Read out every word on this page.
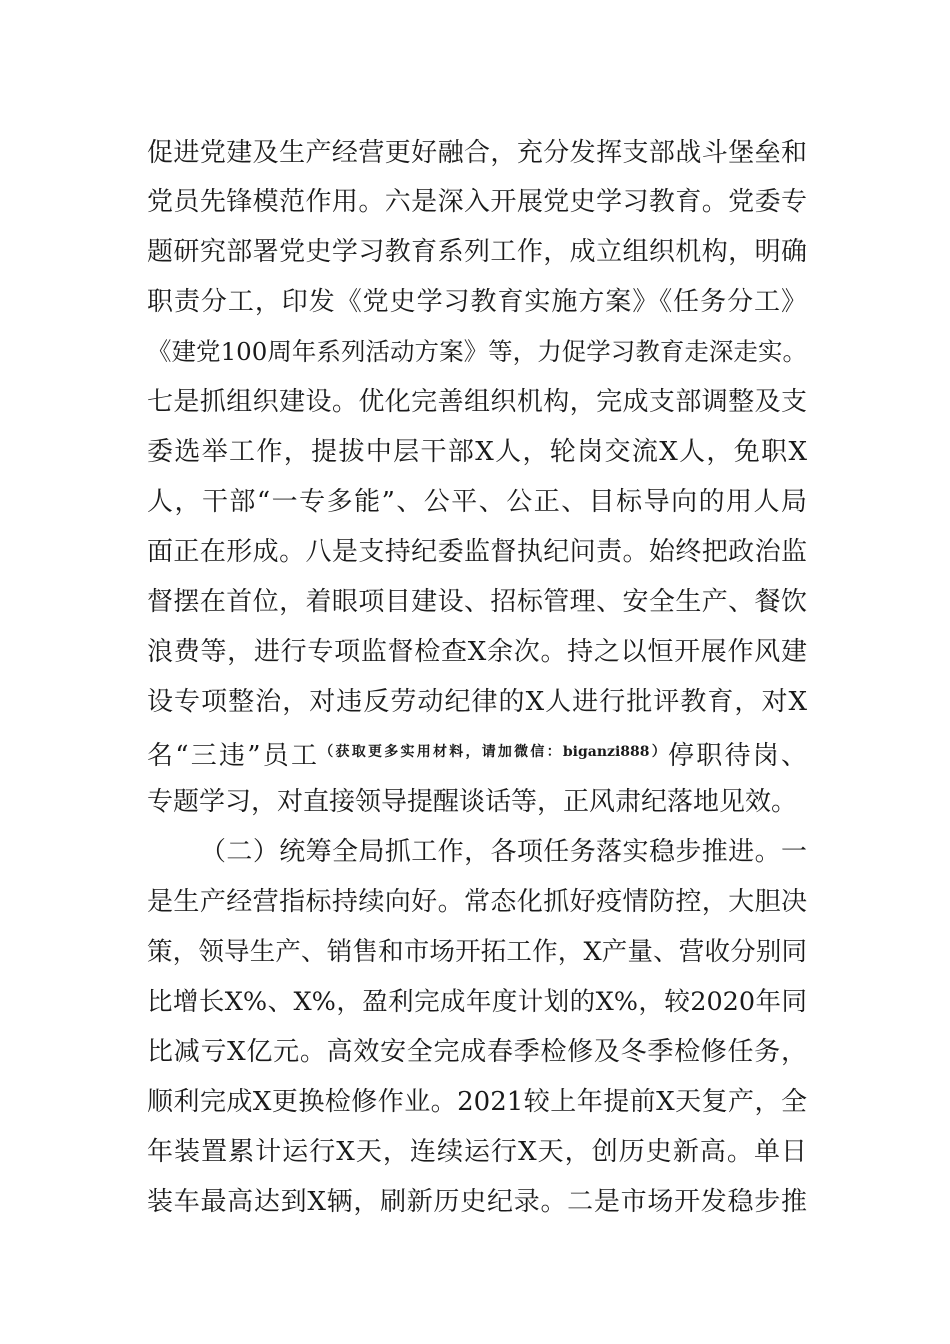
促进党建及生产经营更好融合，充分发挥支部战斗堡垒和
党员先锋模范作用。六是深入开展党史学习教育。党委专
题研究部署党史学习教育系列工作，成立组织机构，明确
职责分工，印发《党史学习教育实施方案》《任务分工》
《建党100周年系列活动方案》等，力促学习教育走深走实。
七是抓组织建设。优化完善组织机构，完成支部调整及支
委选举工作，提拔中层干部X人，轮岗交流X人，免职X
人，干部“一专多能”、公平、公正、目标导向的用人局
面正在形成。八是支持纪委监督执纪问责。始终把政治监
督摆在首位，着眼项目建设、招标管理、安全生产、餐饮
浪费等，进行专项监督检查X余次。持之以恒开展作风建
设专项整治，对违反劳动纪律的X人进行批评教育，对X
名“三违”员工$^{(获取更多实用材料,请加微信:biganzi888)}$停职待岗、
专题学习，对直接领导提醒谈话等，正风肃纪落地见效。
（二）统筹全局抓工作，各项任务落实稳步推进。一
是生产经营指标持续向好。常态化抓好疫情防控，大胆决
策，领导生产、销售和市场开拓工作，X产量、营收分别同
比增长X%、X%，盈利完成年度计划的X%，较2020年同
比减亏X亿元。高效安全完成春季检修及冬季检修任务，
顺利完成X更换检修作业。2021较上年提前X天复产，全
年装置累计运行X天，连续运行X天，创历史新高。单日
装车最高达到X辆，刷新历史纪录。二是市场开发稳步推
